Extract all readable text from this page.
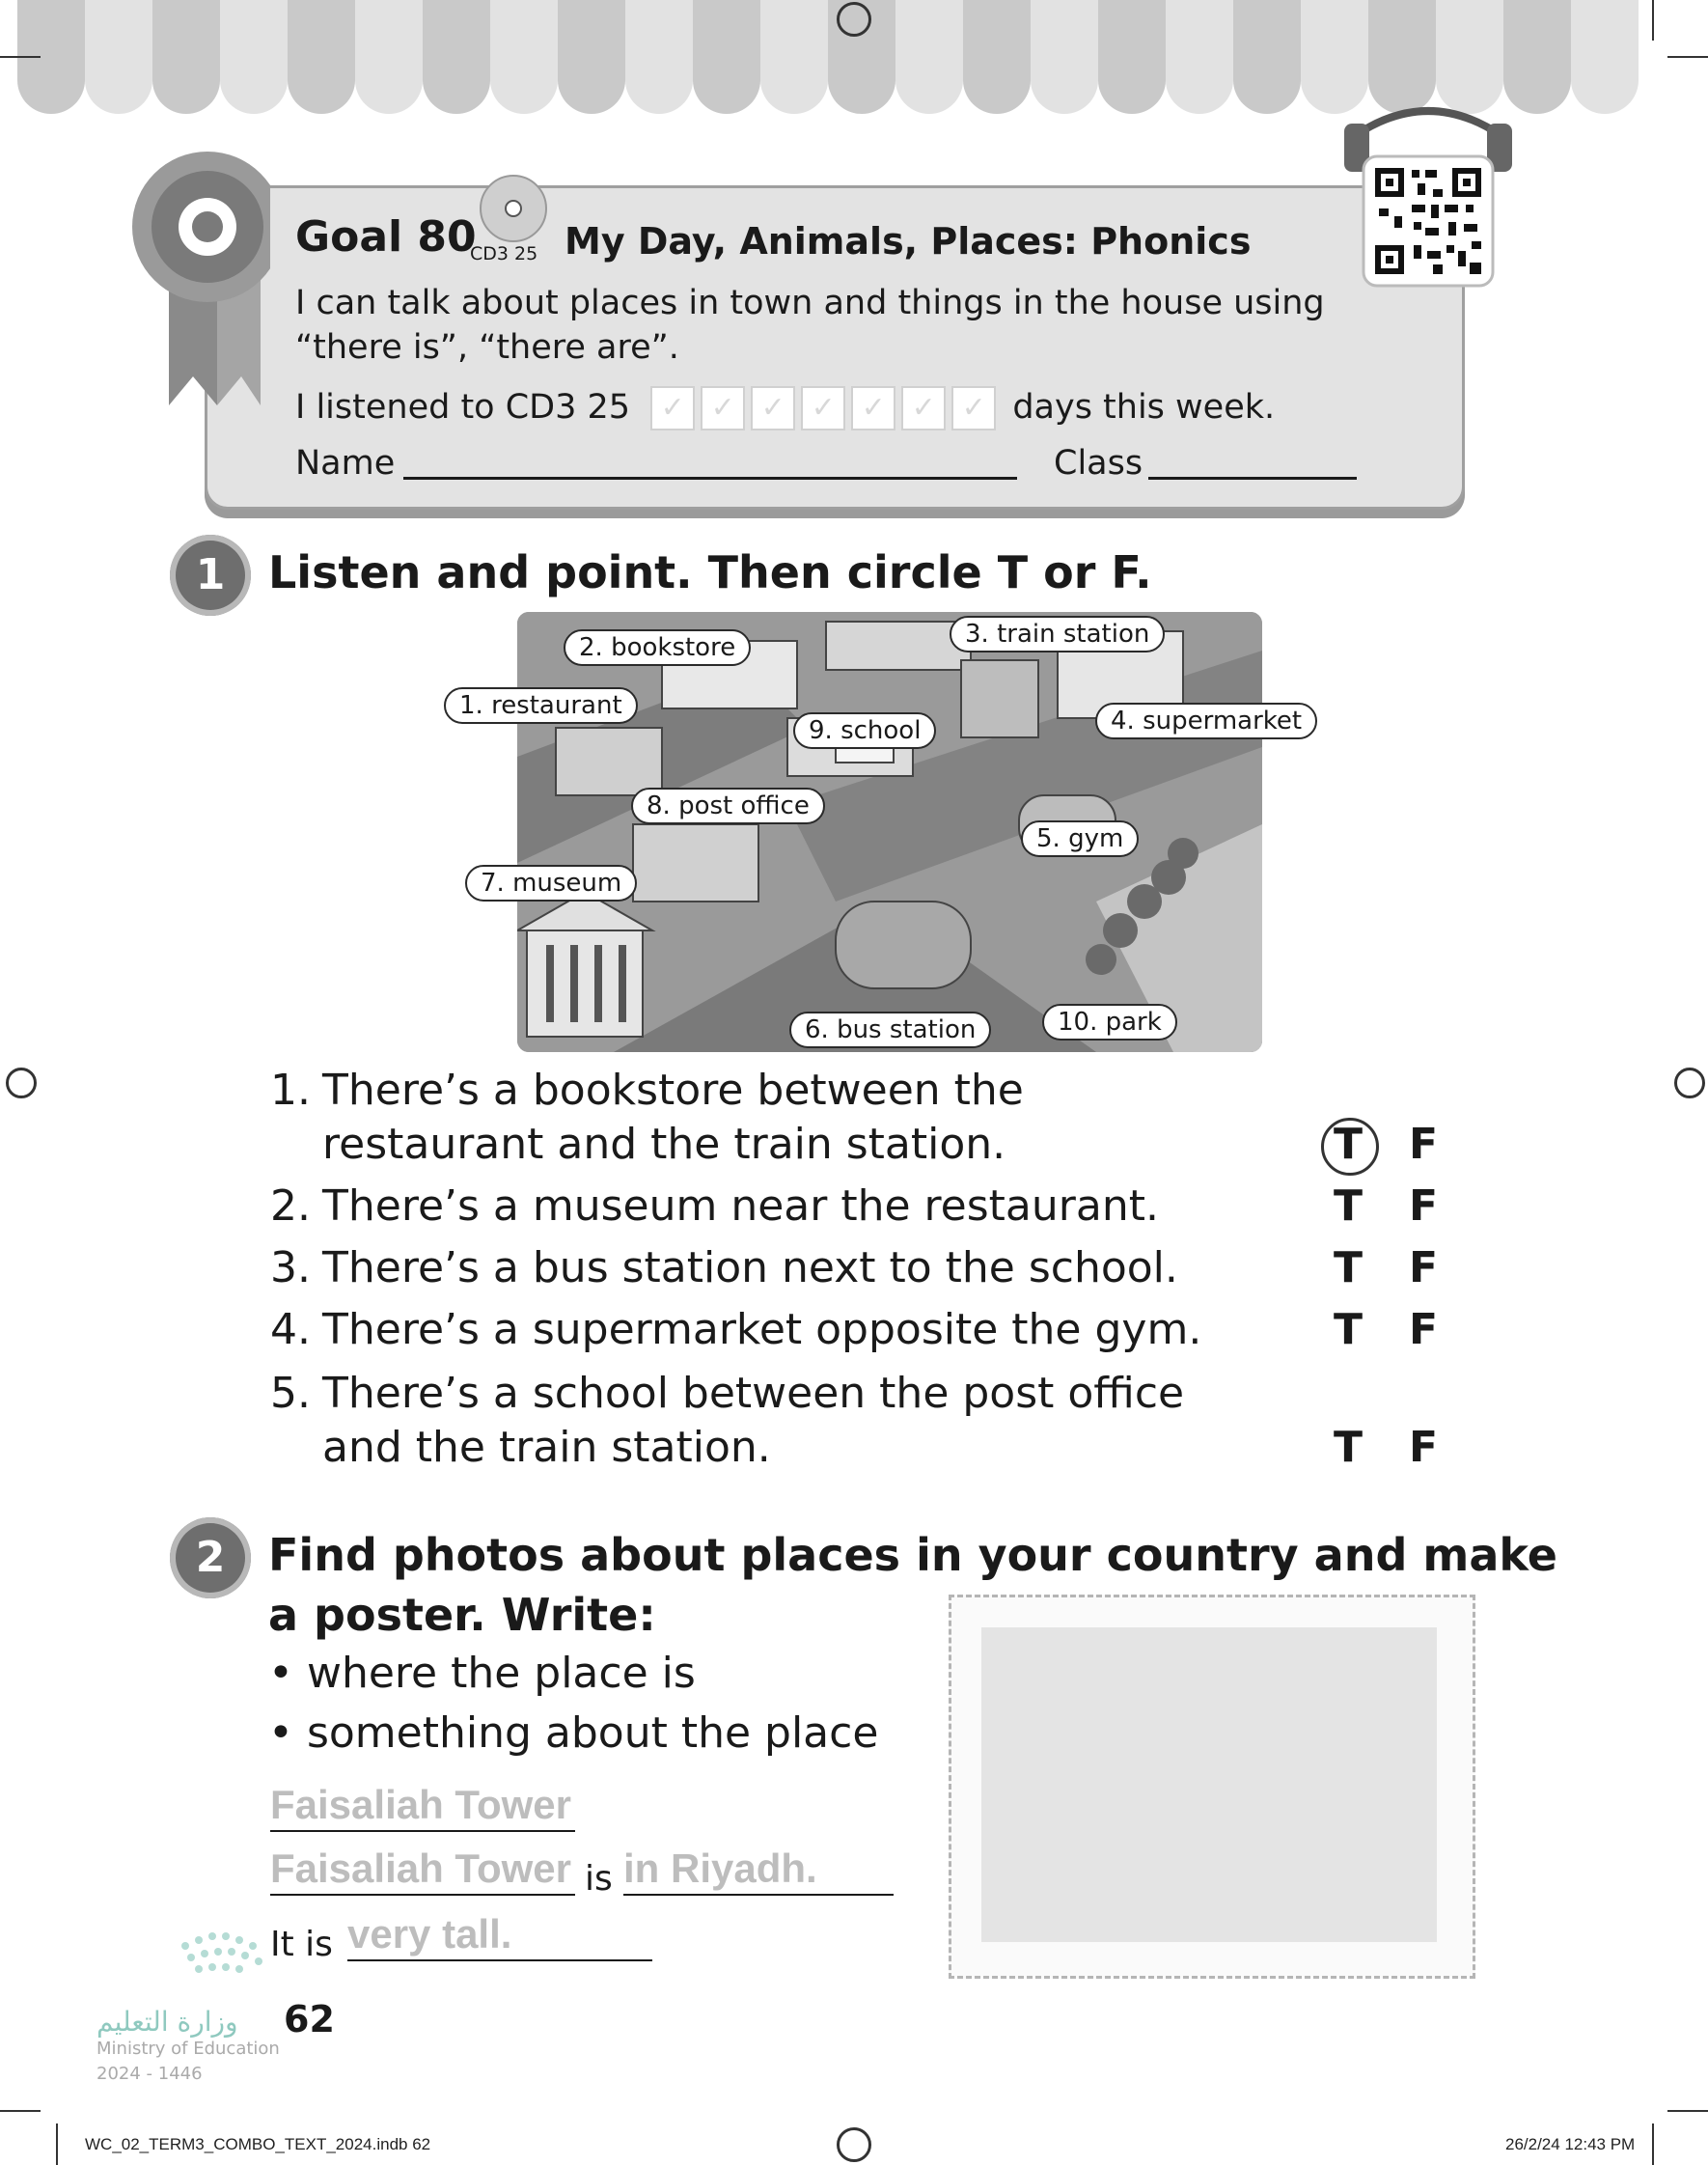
Goal 80
CD3 25 My Day, Animals, Places: Phonics
I can talk about places in town and things in the house using
“there is”, “there are”.
I listened to CD3 25 ✓ ✓ ✓ ✓ ✓ ✓ ✓ days this week.
Name	Class
1 Listen and point. Then circle T or F.
1. restaurant
2. bookstore	3. train station
4. supermarket
5. gym
6. bus station
7. museum
8. post office
9. school
10. park
1. There’s a bookstore between the
restaurant and the train station.	T F
2. There’s a museum near the restaurant.	T F
3. There’s a bus station next to the school.	T F
4. There’s a supermarket opposite the gym.	T F
5. There’s a school between the post office
and the train station.	T F
2 Find photos about places in your country and make
a poster. Write:
• where the place is
• something about the place
Faisaliah Tower
Faisaliah Tower is in Riyadh.
It is very tall.
وزارة التعليم
Ministry of Education
2024 - 1446
62
WC_02_TERM3_COMBO_TEXT_2024.indb 62	26/2/24 12:43 PM
